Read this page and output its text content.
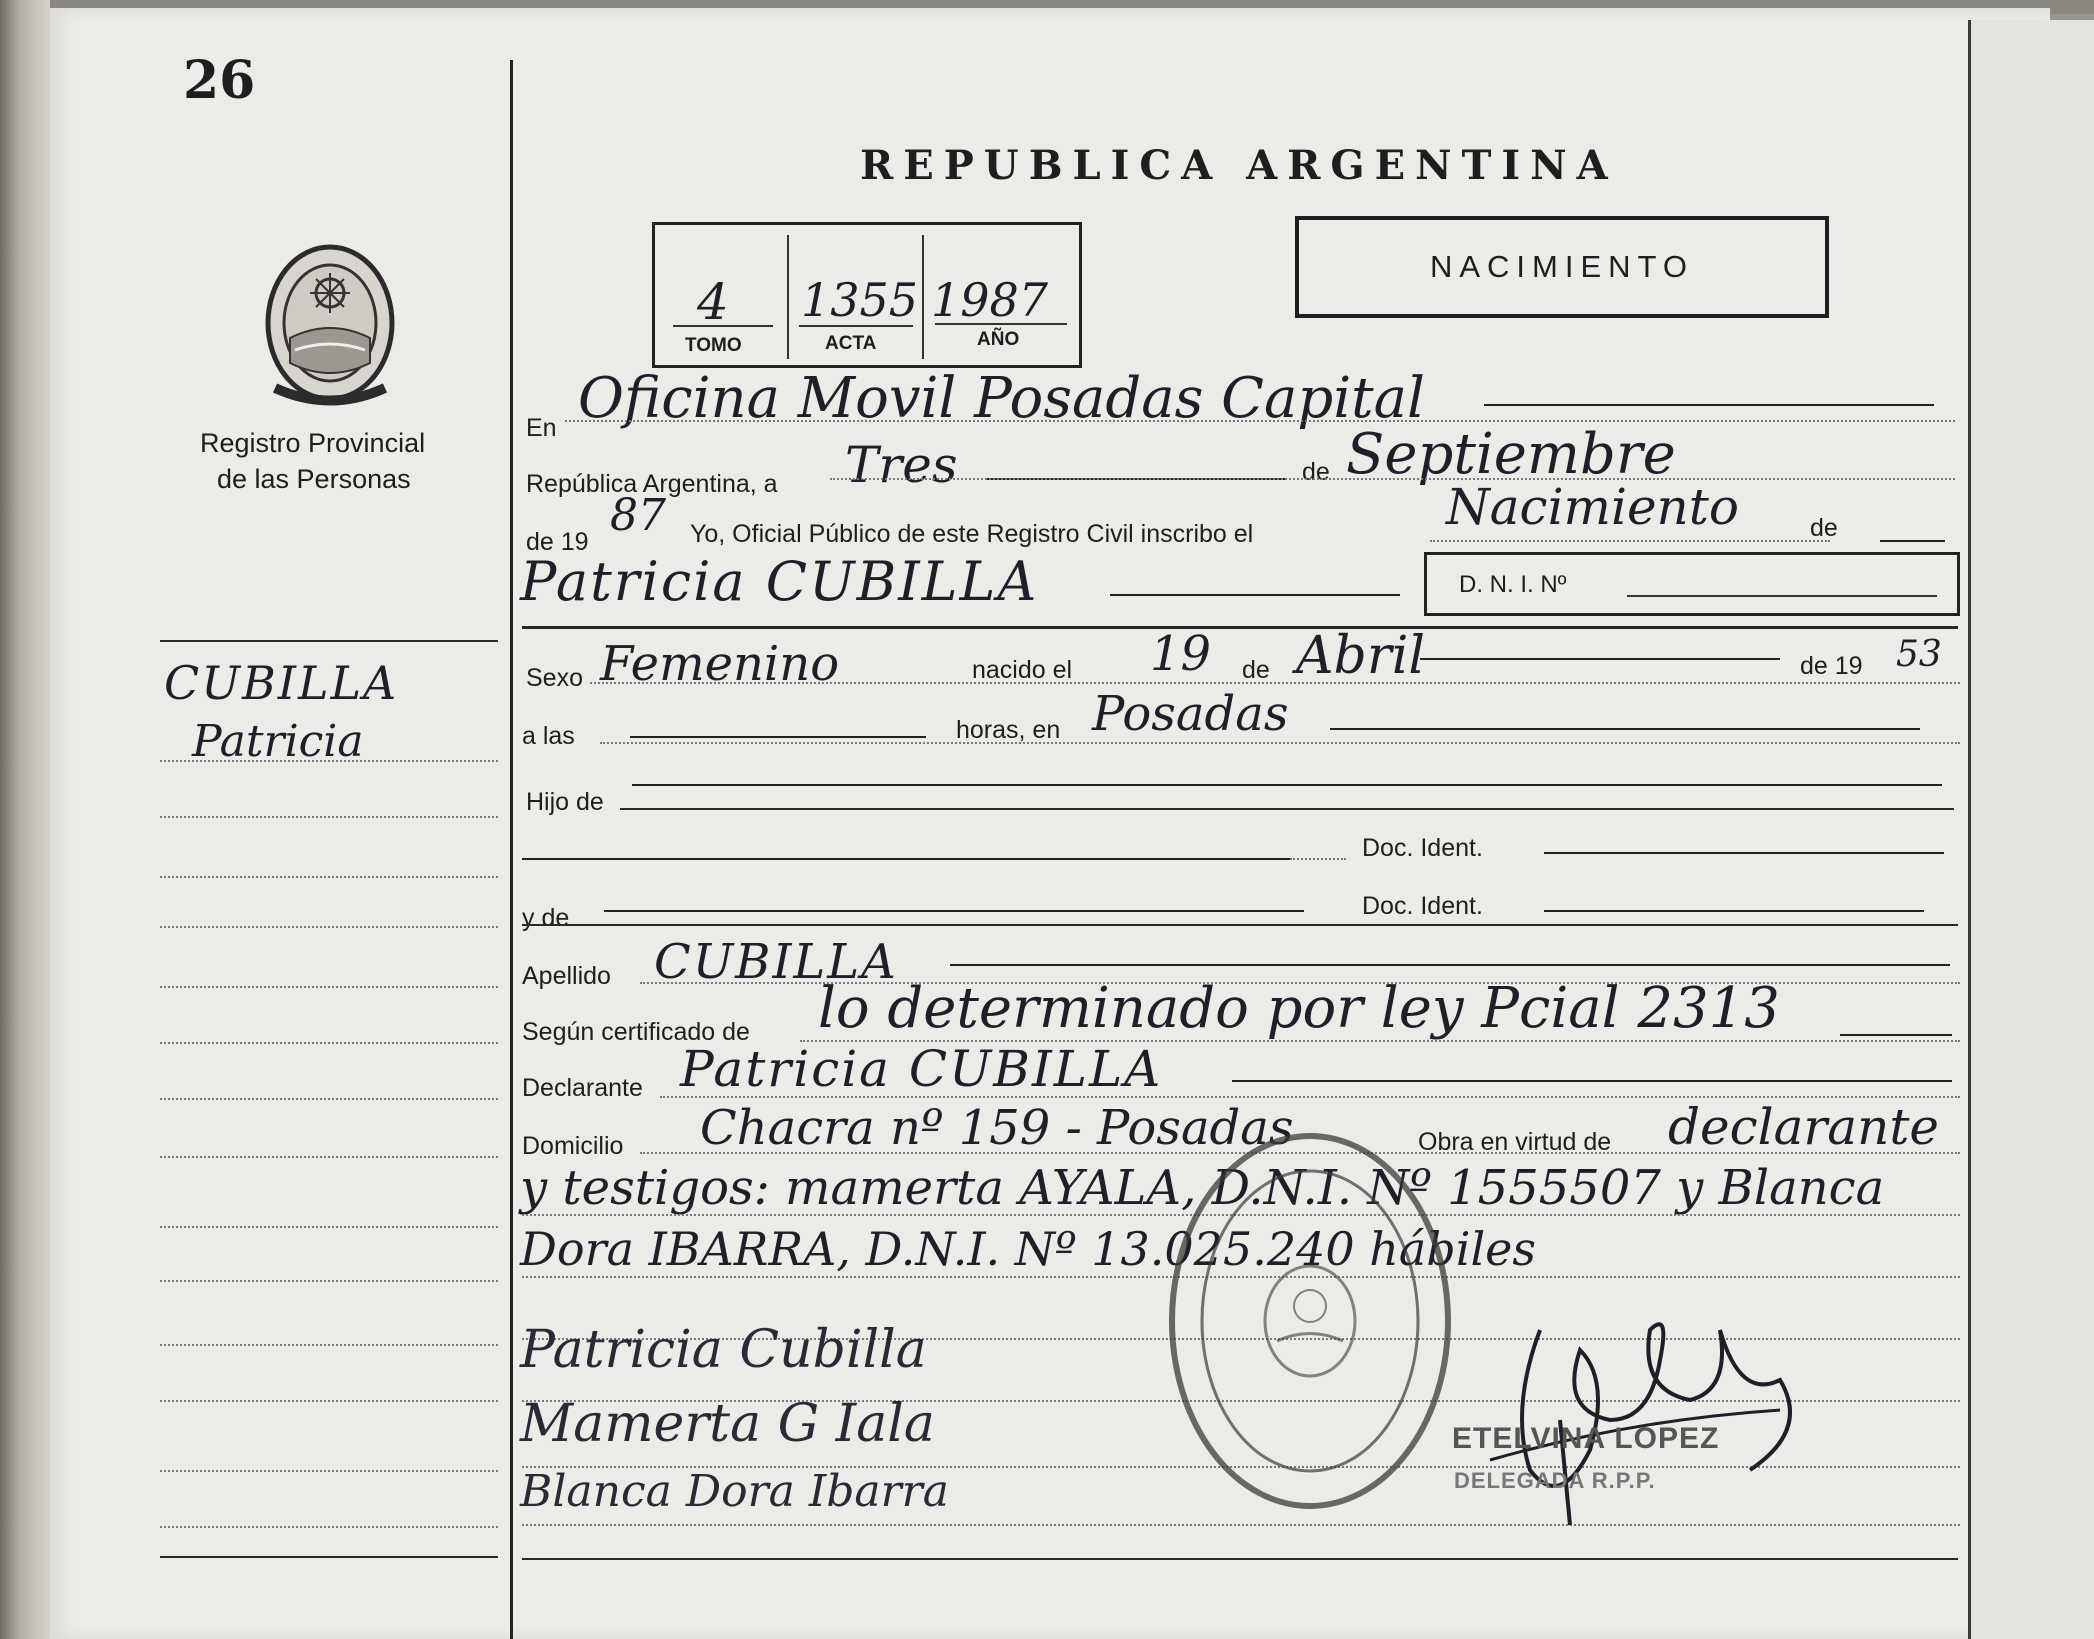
26
REPUBLICA ARGENTINA
NACIMIENTO
4 1355 1987
TOMO	ACTA	AÑO
Registro Provincial
de las Personas
CUBILLA
Patricia
En Oficina Movil Posadas Capital
República Argentina, a Tres	de Septiembre
de 19
87 Yo, Oficial Público de este Registro Civil inscribo el	Nacimiento	de
Patricia CUBILLA	D. N. I. Nº
Sexo Femenino	nacido el 19 de Abril	de 19 53
a las	horas, en Posadas
Hijo de
Doc. Ident.
y de	Doc. Ident.
Apellido CUBILLA
Según certificado de lo determinado por ley Pcial 2313
Declarante Patricia CUBILLA
Domicilio Chacra nº 159 - Posadas	Obra en virtud de declarante
y testigos: mamerta AYALA, D.N.I. Nº 1555507 y Blanca
Dora IBARRA, D.N.I. Nº 13.025.240 hábiles
Patricia Cubilla
Mamerta G Iala
Blanca Dora Ibarra
ETELVINA LOPEZ
DELEGADA R.P.P.
